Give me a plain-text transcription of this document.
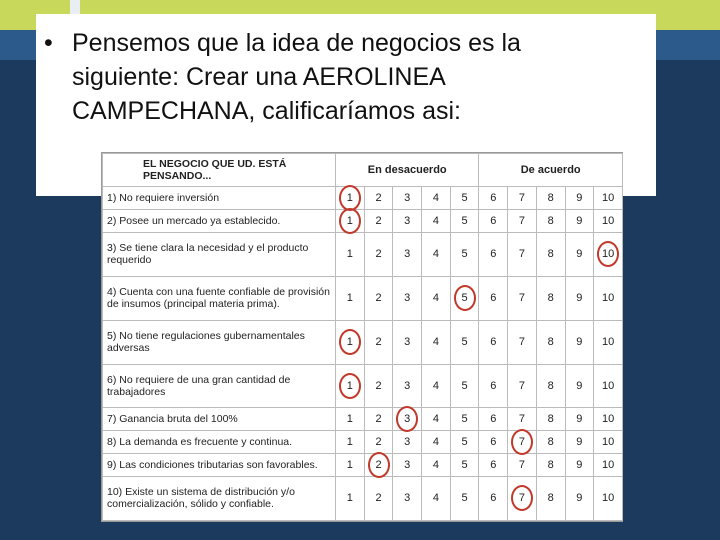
• Pensemos que la idea de negocios es la siguiente: Crear una AEROLINEA CAMPECHANA, calificaríamos asi:
EL NEGOCIO QUE UD. ESTÁ PENSANDO...	En desacuerdo					De acuerdo				
1) No requiere inversión	1	2	3	4	5	6	7	8	9	10
2) Posee un mercado ya establecido.	1	2	3	4	5	6	7	8	9	10
3) Se tiene clara la necesidad y el producto requerido	1	2	3	4	5	6	7	8	9	10

4) Cuenta con una fuente confiable de provisión de insumos (principal materia prima).	1	2	3	4	5	6	7	8	9	10
5) No tiene regulaciones gubernamentales adversas	1	2	3	4	5	6	7	8	9	10
6) No requiere de una gran cantidad de trabajadores	1	2	3	4	5	6	7	8	9	10
7) Ganancia bruta del 100%	1	2	3	4	5	6	7	8	9	10
8) La demanda es frecuente y continua.	1	2	3	4	5	6	7	8	9	10
9) Las condiciones tributarias son favorables.	1	2	3	4	5	6	7	8	9	10
10) Existe un sistema de distribución y/o comercialización, sólido y confiable.	1	2	3	4	5	6	7	8	9	10
